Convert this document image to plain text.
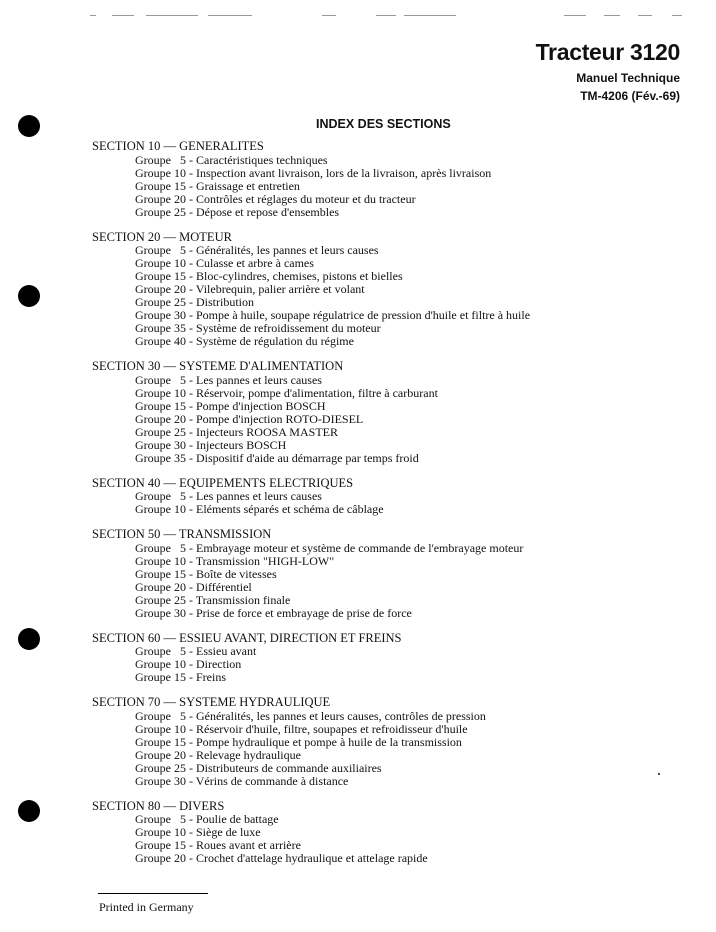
Tracteur 3120
Manuel Technique
TM-4206 (Fév.-69)
INDEX DES SECTIONS
SECTION 10 — GENERALITES
Groupe   5 - Caractéristiques techniques
Groupe 10 - Inspection avant livraison, lors de la livraison, après livraison
Groupe 15 - Graissage et entretien
Groupe 20 - Contrôles et réglages du moteur et du tracteur
Groupe 25 - Dépose et repose d'ensembles
SECTION 20 — MOTEUR
Groupe   5 - Généralités, les pannes et leurs causes
Groupe 10 - Culasse et arbre à cames
Groupe 15 - Bloc-cylindres, chemises, pistons et bielles
Groupe 20 - Vilebrequin, palier arrière et volant
Groupe 25 - Distribution
Groupe 30 - Pompe à huile, soupape régulatrice de pression d'huile et filtre à huile
Groupe 35 - Système de refroidissement du moteur
Groupe 40 - Système de régulation du régime
SECTION 30 — SYSTEME D'ALIMENTATION
Groupe   5 - Les pannes et leurs causes
Groupe 10 - Réservoir, pompe d'alimentation, filtre à carburant
Groupe 15 - Pompe d'injection BOSCH
Groupe 20 - Pompe d'injection ROTO-DIESEL
Groupe 25 - Injecteurs ROOSA MASTER
Groupe 30 - Injecteurs BOSCH
Groupe 35 - Dispositif d'aide au démarrage par temps froid
SECTION 40 — EQUIPEMENTS ELECTRIQUES
Groupe   5 - Les pannes et leurs causes
Groupe 10 - Eléments séparés et schéma de câblage
SECTION 50 — TRANSMISSION
Groupe   5 - Embrayage moteur et système de commande de l'embrayage moteur
Groupe 10 - Transmission "HIGH-LOW"
Groupe 15 - Boîte de vitesses
Groupe 20 - Différentiel
Groupe 25 - Transmission finale
Groupe 30 - Prise de force et embrayage de prise de force
SECTION 60 — ESSIEU AVANT, DIRECTION ET FREINS
Groupe   5 - Essieu avant
Groupe 10 - Direction
Groupe 15 - Freins
SECTION 70 — SYSTEME HYDRAULIQUE
Groupe   5 - Généralités, les pannes et leurs causes, contrôles de pression
Groupe 10 - Réservoir d'huile, filtre, soupapes et refroidisseur d'huile
Groupe 15 - Pompe hydraulique et pompe à huile de la transmission
Groupe 20 - Relevage hydraulique
Groupe 25 - Distributeurs de commande auxiliaires
Groupe 30 - Vérins de commande à distance
SECTION 80 — DIVERS
Groupe   5 - Poulie de battage
Groupe 10 - Siège de luxe
Groupe 15 - Roues avant et arrière
Groupe 20 - Crochet d'attelage hydraulique et attelage rapide
Printed in Germany
